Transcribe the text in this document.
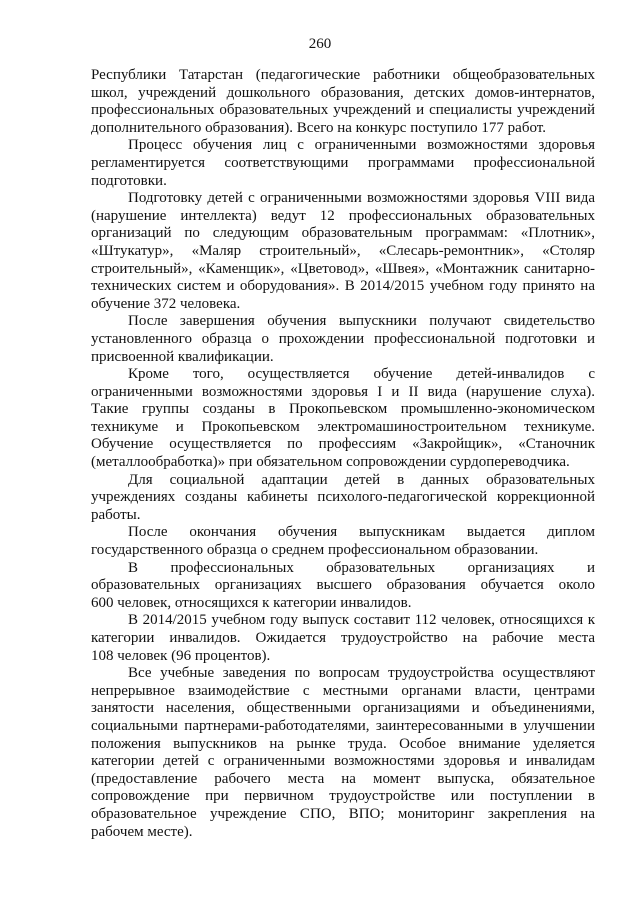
260
Республики Татарстан (педагогические работники общеобразовательных
школ, учреждений дошкольного образования, детских домов-интернатов,
профессиональных образовательных учреждений и специалисты учреждений
дополнительного образования). Всего на конкурс поступило 177 работ.
Процесс обучения лиц с ограниченными возможностями здоровья
регламентируется соответствующими программами профессиональной
подготовки.
Подготовку детей с ограниченными возможностями здоровья VIII вида
(нарушение интеллекта) ведут 12 профессиональных образовательных
организаций по следующим образовательным программам: «Плотник»,
«Штукатур», «Маляр строительный», «Слесарь-ремонтник», «Столяр
строительный», «Каменщик», «Цветовод», «Швея», «Монтажник санитарно-
технических систем и оборудования». В 2014/2015 учебном году принято на
обучение 372 человека.
После завершения обучения выпускники получают свидетельство
установленного образца о прохождении профессиональной подготовки и
присвоенной квалификации.
Кроме того, осуществляется обучение детей-инвалидов с
ограниченными возможностями здоровья I и II вида (нарушение слуха).
Такие группы созданы в Прокопьевском промышленно-экономическом
техникуме и Прокопьевском электромашиностроительном техникуме.
Обучение осуществляется по профессиям «Закройщик», «Станочник
(металлообработка)» при обязательном сопровождении сурдопереводчика.
Для социальной адаптации детей в данных образовательных
учреждениях созданы кабинеты психолого-педагогической коррекционной
работы.
После окончания обучения выпускникам выдается диплом
государственного образца о среднем профессиональном образовании.
В профессиональных образовательных организациях и
образовательных организациях высшего образования обучается около
600 человек, относящихся к категории инвалидов.
В 2014/2015 учебном году выпуск составит 112 человек, относящихся к
категории инвалидов. Ожидается трудоустройство на рабочие места
108 человек (96 процентов).
Все учебные заведения по вопросам трудоустройства осуществляют
непрерывное взаимодействие с местными органами власти, центрами
занятости населения, общественными организациями и объединениями,
социальными партнерами-работодателями, заинтересованными в улучшении
положения выпускников на рынке труда. Особое внимание уделяется
категории детей с ограниченными возможностями здоровья и инвалидам
(предоставление рабочего места на момент выпуска, обязательное
сопровождение при первичном трудоустройстве или поступлении в
образовательное учреждение СПО, ВПО; мониторинг закрепления на
рабочем месте).
